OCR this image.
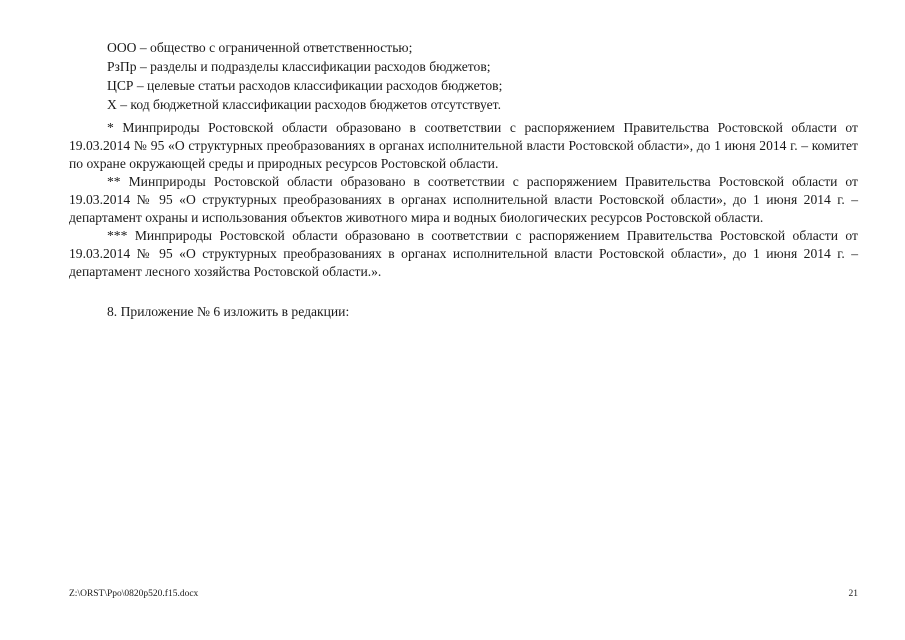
ООО – общество с ограниченной ответственностью;
РзПр – разделы и подразделы классификации расходов бюджетов;
ЦСР – целевые статьи расходов классификации расходов бюджетов;
Х – код бюджетной классификации расходов бюджетов отсутствует.

* Минприроды Ростовской области образовано в соответствии с распоряжением Правительства Ростовской области от 19.03.2014 № 95 «О структурных преобразованиях в органах исполнительной власти Ростовской области», до 1 июня 2014 г. – комитет по охране окружающей среды и природных ресурсов Ростовской области.

** Минприроды Ростовской области образовано в соответствии с распоряжением Правительства Ростовской области от 19.03.2014 № 95 «О структурных преобразованиях в органах исполнительной власти Ростовской области», до 1 июня 2014 г. – департамент охраны и использования объектов животного мира и водных биологических ресурсов Ростовской области.

*** Минприроды Ростовской области образовано в соответствии с распоряжением Правительства Ростовской области от 19.03.2014 № 95 «О структурных преобразованиях в органах исполнительной власти Ростовской области», до 1 июня 2014 г. – департамент лесного хозяйства Ростовской области.».

8. Приложение № 6 изложить в редакции:
Z:\ORST\Ppo\0820p520.f15.docx	21
